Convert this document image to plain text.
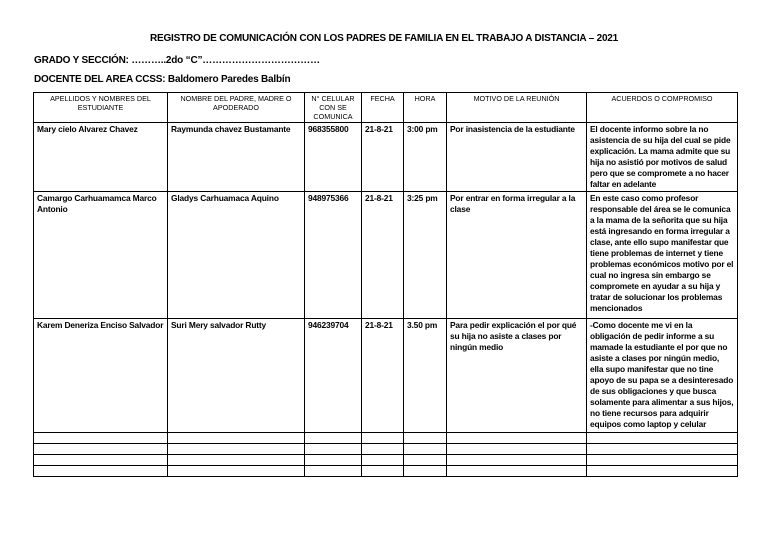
REGISTRO DE COMUNICACIÓN CON LOS PADRES DE FAMILIA EN EL TRABAJO A DISTANCIA – 2021
GRADO Y SECCIÓN: ………..2do “C”………………………………
DOCENTE DEL AREA CCSS: Baldomero Paredes Balbín
APELLIDOS Y NOMBRES DEL ESTUDIANTE	NOMBRE DEL PADRE, MADRE O APODERADO	N° CELULAR CON SE COMUNICA	FECHA	HORA	MOTIVO DE LA REUNIÓN	ACUERDOS O COMPROMISO
Mary cielo Alvarez Chavez	Raymunda chavez Bustamante	968355800	21-8-21	3:00 pm	Por inasistencia de la estudiante	El docente informo sobre la no asistencia de su hija del cual se pide explicación. La mama admite que su hija no asistió por motivos de salud pero que se compromete a no hacer faltar en adelante
Camargo Carhuamamca Marco Antonio	Gladys Carhuamaca Aquino	948975366	21-8-21	3:25 pm	Por entrar en forma irregular a la clase	En este caso como profesor responsable del área se le comunica a la mama de la señorita que su hija está ingresando en forma irregular a clase, ante ello supo manifestar que tiene problemas de internet y tiene problemas económicos motivo por el cual no ingresa sin embargo se compromete en ayudar a su hija y tratar de solucionar los problemas mencionados
Karem Deneriza Enciso Salvador	Suri Mery salvador Rutty	946239704	21-8-21	3.50 pm	Para pedir explicación el por qué su hija no asiste a clases por ningún medio	-Como docente me vi en la obligación de pedir informe a su mamade la estudiante el por que no asiste a clases por ningún medio, ella supo manifestar que no tine apoyo de su papa se a desinteresado de sus obligaciones y que busca solamente para alimentar a sus hijos, no tiene recursos para adquirir equipos como laptop y celular
